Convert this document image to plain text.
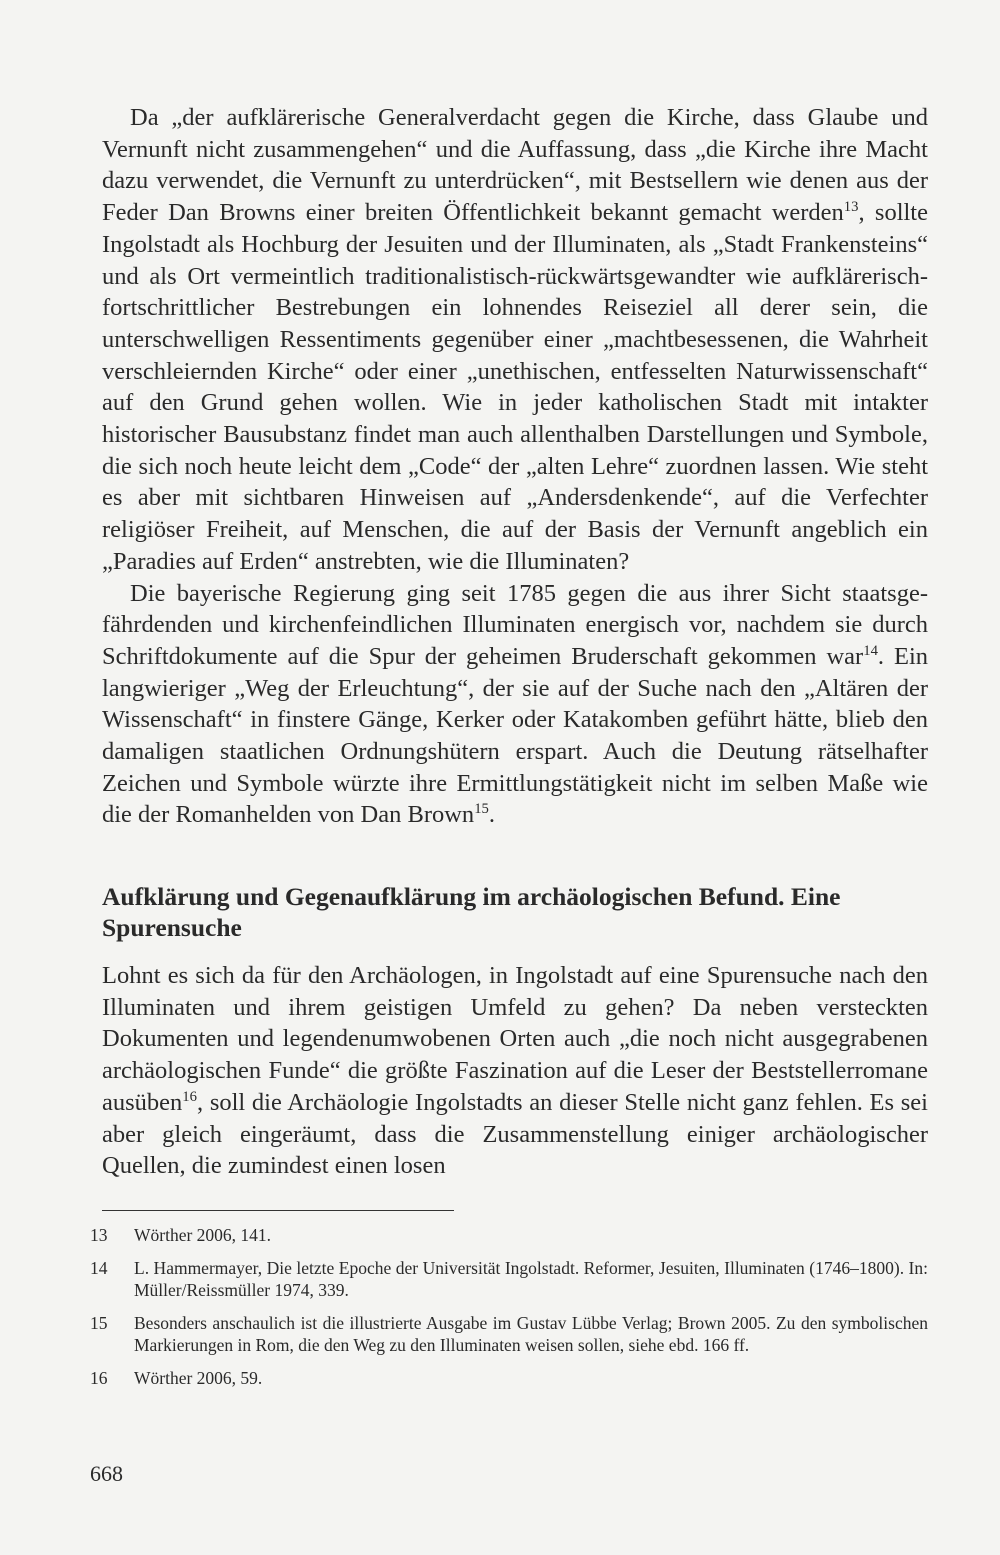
Da „der aufklärerische Generalverdacht gegen die Kirche, dass Glaube und Vernunft nicht zusammengehen“ und die Auffassung, dass „die Kirche ihre Macht dazu verwendet, die Vernunft zu unterdrücken“, mit Bestsellern wie denen aus der Feder Dan Browns einer breiten Öffentlichkeit bekannt gemacht werden$^{13}$, sollte Ingolstadt als Hochburg der Jesuiten und der Illuminaten, als „Stadt Frankensteins“ und als Ort vermeintlich traditionalistisch-rückwärtsgewandter wie aufklärerisch-fortschrittlicher Bestrebungen ein lohnendes Reiseziel all derer sein, die unterschwelligen Ressentiments gegenüber einer „machtbesessenen, die Wahrheit verschleiernden Kirche“ oder einer „unethischen, entfesselten Naturwissenschaft“ auf den Grund gehen wollen. Wie in jeder katholischen Stadt mit intakter historischer Bausubstanz findet man auch allenthalben Darstellungen und Symbole, die sich noch heute leicht dem „Code“ der „alten Lehre“ zuordnen lassen. Wie steht es aber mit sichtbaren Hinweisen auf „Andersdenkende“, auf die Verfechter religiöser Freiheit, auf Menschen, die auf der Basis der Vernunft angeblich ein „Paradies auf Erden“ anstrebten, wie die Illuminaten?

Die bayerische Regierung ging seit 1785 gegen die aus ihrer Sicht staatsgefährdenden und kirchenfeindlichen Illuminaten energisch vor, nachdem sie durch Schriftdokumente auf die Spur der geheimen Bruderschaft gekommen war$^{14}$. Ein langwieriger „Weg der Erleuchtung“, der sie auf der Suche nach den „Altären der Wissenschaft“ in finstere Gänge, Kerker oder Katakomben geführt hätte, blieb den damaligen staatlichen Ordnungshütern erspart. Auch die Deutung rätselhafter Zeichen und Symbole würzte ihre Ermittlungstätigkeit nicht im selben Maße wie die der Romanhelden von Dan Brown$^{15}$.

Aufklärung und Gegenaufklärung im archäologischen Befund. Eine Spurensuche

Lohnt es sich da für den Archäologen, in Ingolstadt auf eine Spurensuche nach den Illuminaten und ihrem geistigen Umfeld zu gehen? Da neben versteckten Dokumenten und legendenumwobenen Orten auch „die noch nicht ausgegrabenen archäologischen Funde“ die größte Faszination auf die Leser der Beststellerromane ausüben$^{16}$, soll die Archäologie Ingolstadts an dieser Stelle nicht ganz fehlen. Es sei aber gleich eingeräumt, dass die Zusammenstellung einiger archäologischer Quellen, die zumindest einen losen

13	Wörther 2006, 141.
14	L. Hammermayer, Die letzte Epoche der Universität Ingolstadt. Reformer, Jesuiten, Illuminaten (1746–1800). In: Müller/Reissmüller 1974, 339.
15	Besonders anschaulich ist die illustrierte Ausgabe im Gustav Lübbe Verlag; Brown 2005. Zu den symbolischen Markierungen in Rom, die den Weg zu den Illuminaten weisen sollen, siehe ebd. 166 ff.
16	Wörther 2006, 59.
668
